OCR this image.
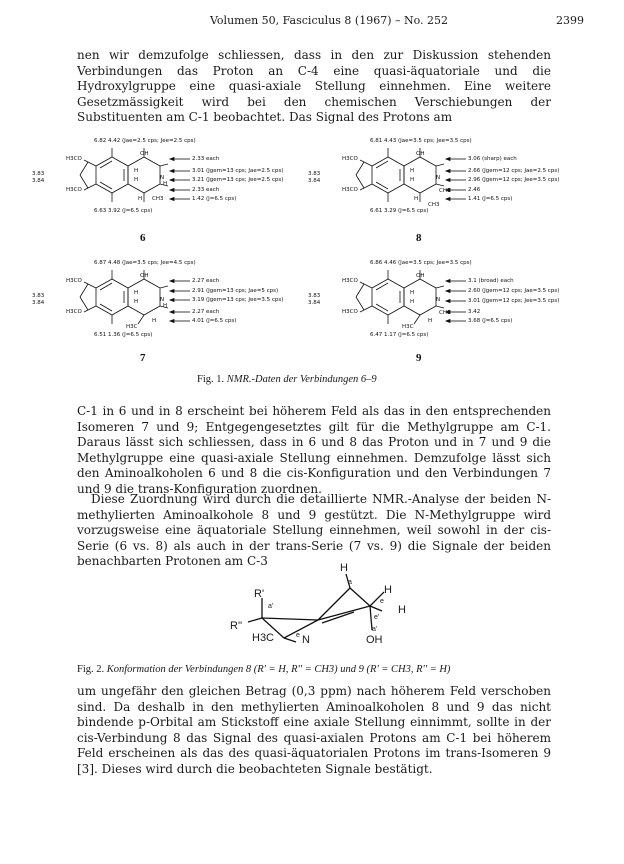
Volumen 50, Fasciculus 8 (1967) – No. 252	2399

nen wir demzufolge schliessen, dass in den zur Diskussion stehenden Verbindungen das Proton an C-4 eine quasi-äquatoriale und die Hydroxylgruppe eine quasi-axiale Stellung einnehmen. Eine weitere Gesetzmässigkeit wird bei den chemischen Verschiebungen der Substituenten am C-1 beobachtet. Das Signal des Protons am

6.82 4.42 (Jae=2.5 cps; Jee=2.5 cps)
OH
H
H	N
H
H CH3
2.33 each
3.01 (Jgem=13 cps; Jae=2.5 cps)
3.21 (Jgem=13 cps; Jee=2.5 cps)
2.33 each
1.42 (J=6.5 cps)
3.83
3.84
H3CO
H3CO
6.63 3.92 (J=6.5 cps)
6
6.81 4.43 (Jae=3.5 cps; Jee=3.5 cps)
OH
H
H	N
CH3
H
CH3
3.06 (sharp) each
2.66 (Jgem=12 cps; Jae=2.5 cps)
2.96 (Jgem=12 cps; Jee=3.5 cps)
2.46
1.41 (J=6.5 cps)
3.83
3.84
H3CO
H3CO
6.61 3.29 (J=6.5 cps)
8
6.87 4.48 (Jae=3.5 cps; Jee=4.5 cps)
OH
H
H	N
H
H3C
H
2.27 each
2.91 (Jgem=13 cps; Jae=5 cps)
3.19 (Jgem=13 cps; Jee=3.5 cps)
2.27 each
4.01 (J=6.5 cps)
3.83
3.84
H3CO
H3CO
6.51 1.36 (J=6.5 cps)
7
6.86 4.46 (Jae=3.5 cps; Jee=3.5 cps)
OH
H
H	N
CH3
H3C
H
3.1 (broad) each
2.60 (Jgem=12 cps; Jae=3.5 cps)
3.01 (Jgem=12 cps; Jee=3.5 cps)
3.42
3.68 (J=6.5 cps)
3.83
3.84
H3CO
H3CO
6.47 1.17 (J=6.5 cps)
9
Fig. 1. NMR.-Daten der Verbindungen 6–9

C-1 in 6 und in 8 erscheint bei höherem Feld als das in den entsprechenden Isomeren 7 und 9; Entgegengesetztes gilt für die Methylgruppe am C-1. Daraus lässt sich schliessen, dass in 6 und 8 das Proton und in 7 und 9 die Methylgruppe eine quasi-axiale Stellung einnehmen. Demzufolge lässt sich den Aminoalkoholen 6 und 8 die cis-Konfiguration und den Verbindungen 7 und 9 die trans-Konfiguration zuordnen.

Diese Zuordnung wird durch die detaillierte NMR.-Analyse der beiden N-methylierten Aminoalkohole 8 und 9 gestützt. Die N-Methylgruppe wird vorzugsweise eine äquatoriale Stellung einnehmen, weil sowohl in der cis-Serie (6 vs. 8) als auch in der trans-Serie (7 vs. 9) die Signale der beiden benachbarten Protonen am C-3	H
a
H
e
H
e'
a'
R'
a'
R''
H3C	e N	OH
Fig. 2. Konformation der Verbindungen 8 (R' = H, R'' = CH3) und 9 (R' = CH3, R'' = H)

um ungefähr den gleichen Betrag (0,3 ppm) nach höherem Feld verschoben sind. Da deshalb in den methylierten Aminoalkoholen 8 und 9 das nicht bindende p-Orbital am Stickstoff eine axiale Stellung einnimmt, sollte in der cis-Verbindung 8 das Signal des quasi-axialen Protons am C-1 bei höherem Feld erscheinen als das des quasi-äquatorialen Protons im trans-Isomeren 9 [3]. Dieses wird durch die beobachteten Signale bestätigt.
